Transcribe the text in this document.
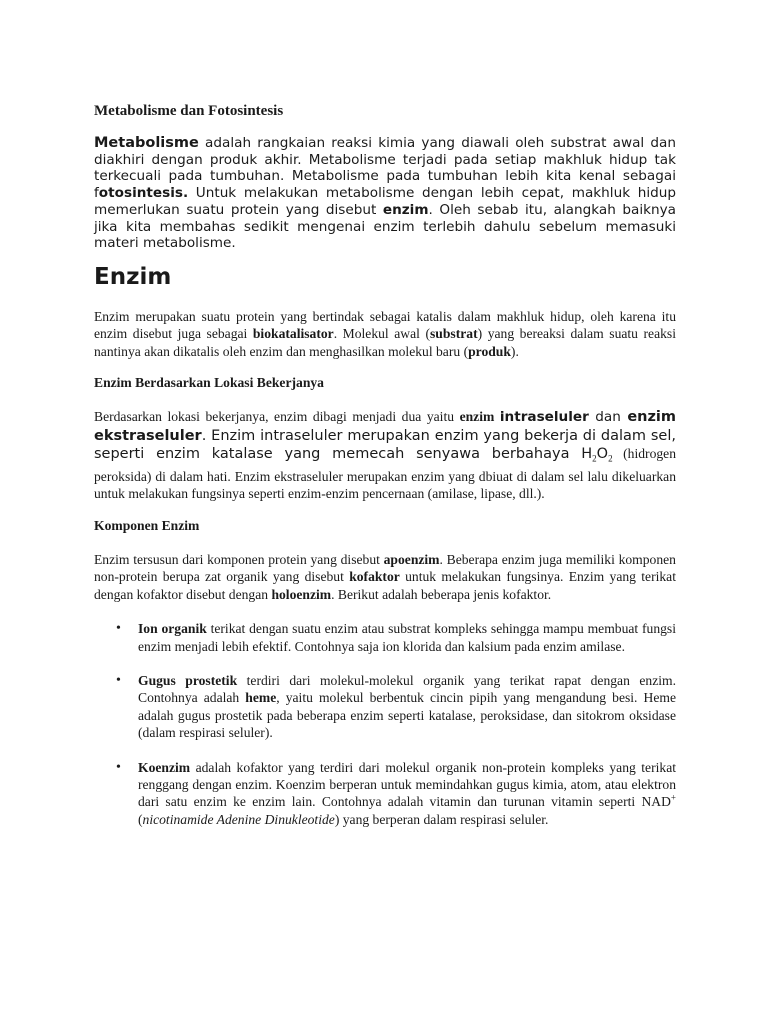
Metabolisme dan Fotosintesis

Metabolisme adalah rangkaian reaksi kimia yang diawali oleh substrat awal dan diakhiri dengan produk akhir. Metabolisme terjadi pada setiap makhluk hidup tak terkecuali pada tumbuhan. Metabolisme pada tumbuhan lebih kita kenal sebagai fotosintesis. Untuk melakukan metabolisme dengan lebih cepat, makhluk hidup memerlukan suatu protein yang disebut enzim. Oleh sebab itu, alangkah baiknya jika kita membahas sedikit mengenai enzim terlebih dahulu sebelum memasuki materi metabolisme.

Enzim

Enzim merupakan suatu protein yang bertindak sebagai katalis dalam makhluk hidup, oleh karena itu enzim disebut juga sebagai biokatalisator. Molekul awal (substrat) yang bereaksi dalam suatu reaksi nantinya akan dikatalis oleh enzim dan menghasilkan molekul baru (produk).

Enzim Berdasarkan Lokasi Bekerjanya

Berdasarkan lokasi bekerjanya, enzim dibagi menjadi dua yaitu enzim intraseluler dan enzim ekstraseluler. Enzim intraseluler merupakan enzim yang bekerja di dalam sel, seperti enzim katalase yang memecah senyawa berbahaya $H_2O_2$ (hidrogen peroksida) di dalam hati. Enzim ekstraseluler merupakan enzim yang dbiuat di dalam sel lalu dikeluarkan untuk melakukan fungsinya seperti enzim-enzim pencernaan (amilase, lipase, dll.).

Komponen Enzim

Enzim tersusun dari komponen protein yang disebut apoenzim. Beberapa enzim juga memiliki komponen non-protein berupa zat organik yang disebut kofaktor untuk melakukan fungsinya. Enzim yang terikat dengan kofaktor disebut dengan holoenzim. Berikut adalah beberapa jenis kofaktor.

• Ion organik terikat dengan suatu enzim atau substrat kompleks sehingga mampu membuat fungsi enzim menjadi lebih efektif. Contohnya saja ion klorida dan kalsium pada enzim amilase.
• Gugus prostetik terdiri dari molekul-molekul organik yang terikat rapat dengan enzim. Contohnya adalah heme, yaitu molekul berbentuk cincin pipih yang mengandung besi. Heme adalah gugus prostetik pada beberapa enzim seperti katalase, peroksidase, dan sitokrom oksidase (dalam respirasi seluler).
• Koenzim adalah kofaktor yang terdiri dari molekul organik non-protein kompleks yang terikat renggang dengan enzim. Koenzim berperan untuk memindahkan gugus kimia, atom, atau elektron dari satu enzim ke enzim lain. Contohnya adalah vitamin dan turunan vitamin seperti NAD+ (nicotinamide Adenine Dinukleotide) yang berperan dalam respirasi seluler.
